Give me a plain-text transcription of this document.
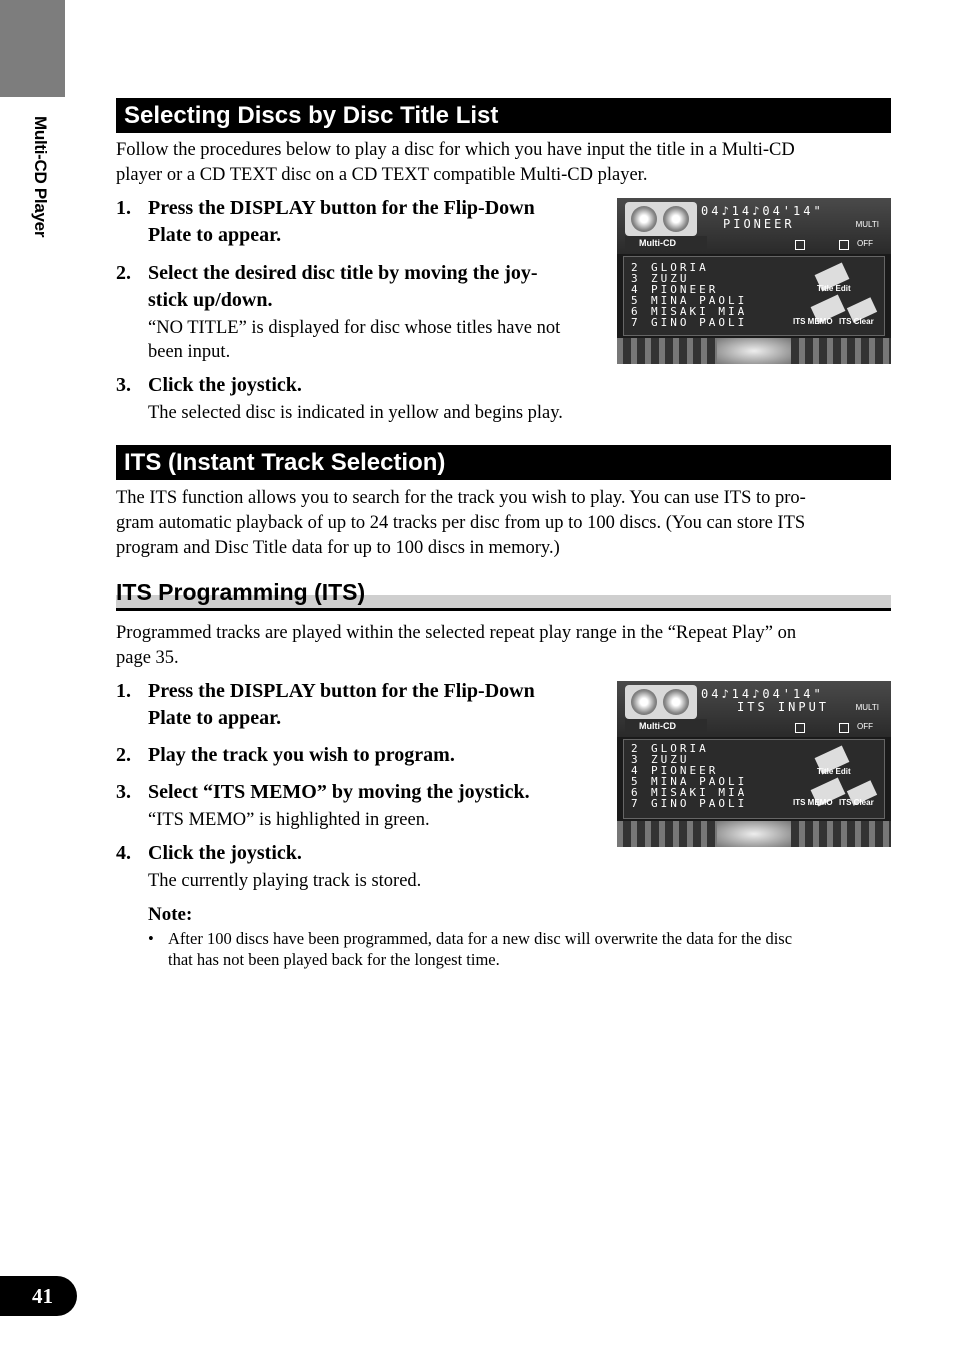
Multi-CD Player
41
Selecting Discs by Disc Title List
Follow the procedures below to play a disc for which you have input the title in a Multi-CD
player or a CD TEXT disc on a CD TEXT compatible Multi-CD player.
1. Press the DISPLAY button for the Flip-Down
Plate to appear.
2. Select the desired disc title by moving the joy-
stick up/down.
“NO TITLE” is displayed for disc whose titles have not
been input.
3. Click the joystick.
The selected disc is indicated in yellow and begins play.
Multi-CD
04♪14♪04'14"
PIONEER	MULTI
OFF
2 GLORIA
3 ZUZU
4 PIONEER
5 MINA PAOLI
6 MISAKI MIA
7 GINO PAOLI
Title Edit
ITS MEMO ITS Clear
ITS (Instant Track Selection)
The ITS function allows you to search for the track you wish to play. You can use ITS to pro-
gram automatic playback of up to 24 tracks per disc from up to 100 discs. (You can store ITS
program and Disc Title data for up to 100 discs in memory.)
ITS Programming (ITS)
Programmed tracks are played within the selected repeat play range in the “Repeat Play” on
page 35.
1. Press the DISPLAY button for the Flip-Down
Plate to appear.
2. Play the track you wish to program.
3. Select “ITS MEMO” by moving the joystick.
“ITS MEMO” is highlighted in green.
4. Click the joystick.
The currently playing track is stored.
Note:
• After 100 discs have been programmed, data for a new disc will overwrite the data for the disc
that has not been played back for the longest time.
Multi-CD
04♪14♪04'14"
ITS INPUT	MULTI
OFF
2 GLORIA
3 ZUZU
4 PIONEER
5 MINA PAOLI
6 MISAKI MIA
7 GINO PAOLI
Title Edit
ITS MEMO ITS Clear
